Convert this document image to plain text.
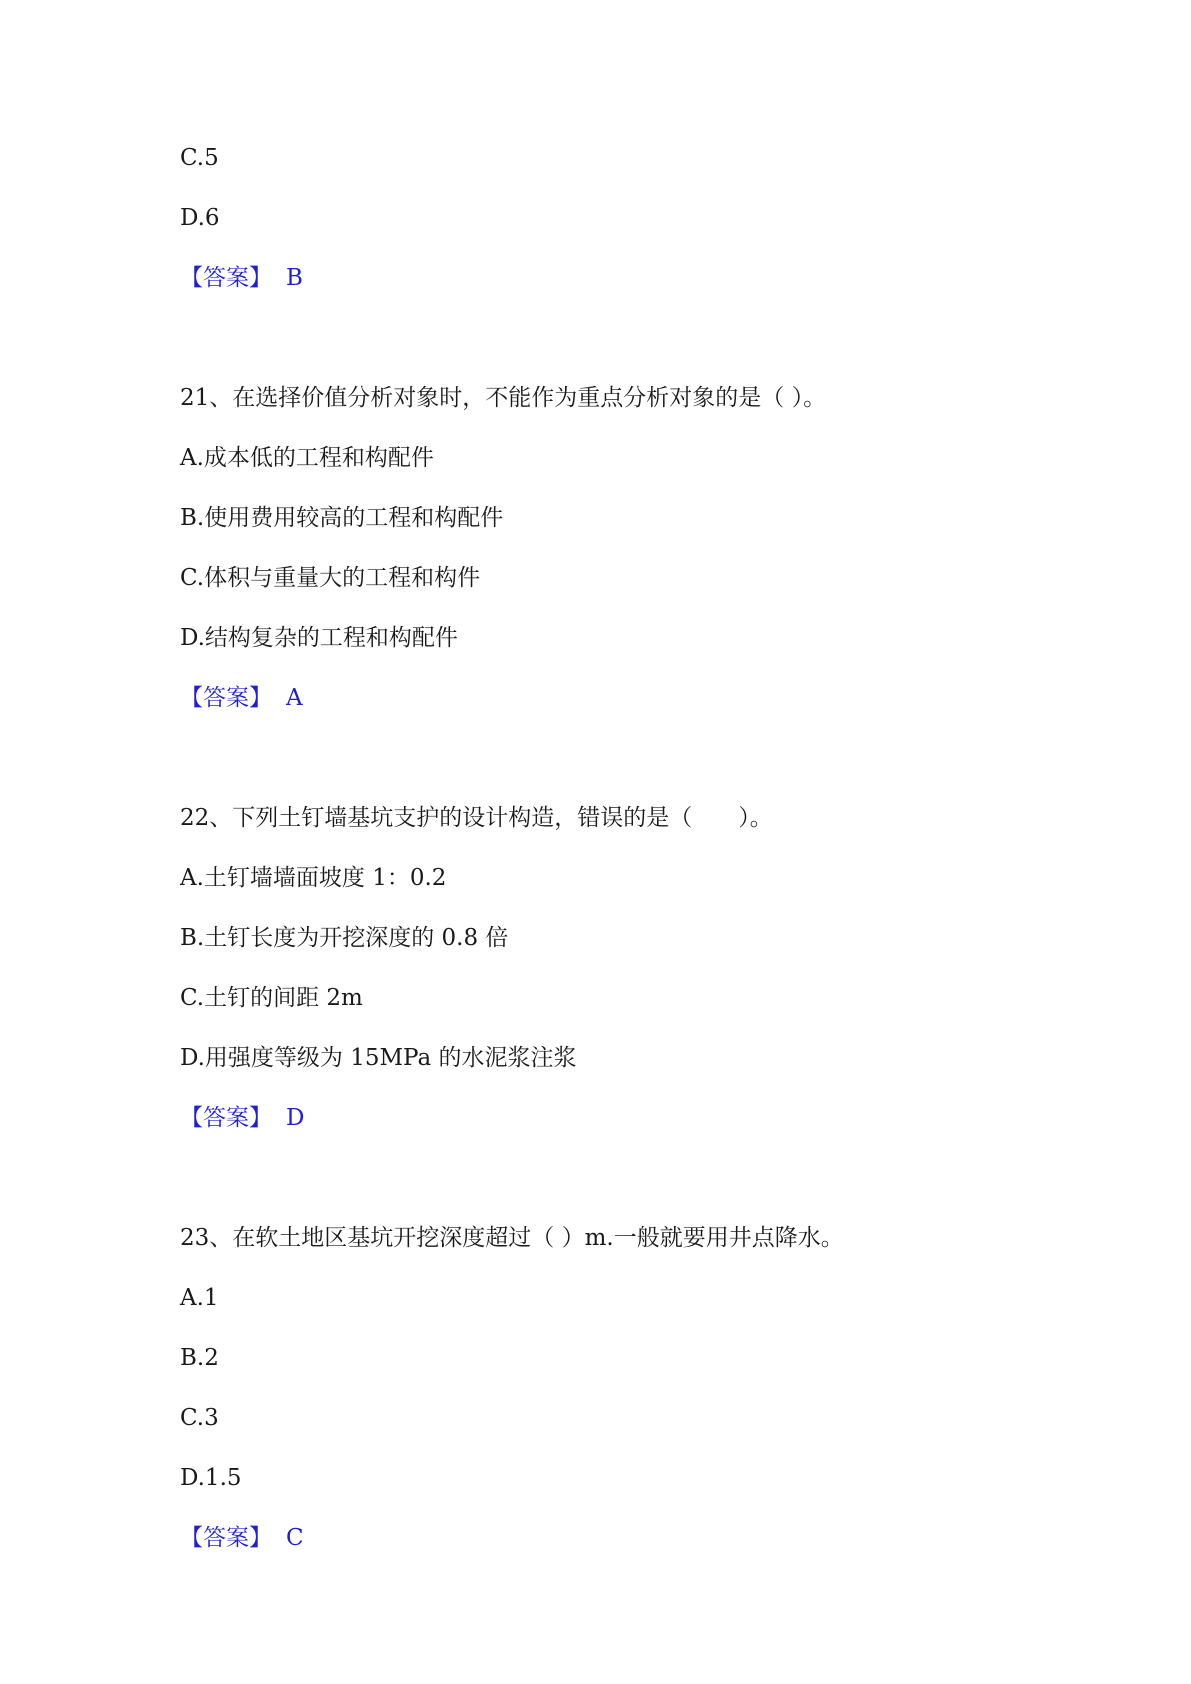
C.5
D.6
【答案】 B
21、在选择价值分析对象时，不能作为重点分析对象的是（ ）。
A.成本低的工程和构配件
B.使用费用较高的工程和构配件
C.体积与重量大的工程和构件
D.结构复杂的工程和构配件
【答案】 A
22、下列土钉墙基坑支护的设计构造，错误的是（　　）。
A.土钉墙墙面坡度 1：0.2
B.土钉长度为开挖深度的 0.8 倍
C.土钉的间距 2m
D.用强度等级为 15MPa 的水泥浆注浆
【答案】 D
23、在软土地区基坑开挖深度超过（ ）m.一般就要用井点降水。
A.1
B.2
C.3
D.1.5
【答案】 C
